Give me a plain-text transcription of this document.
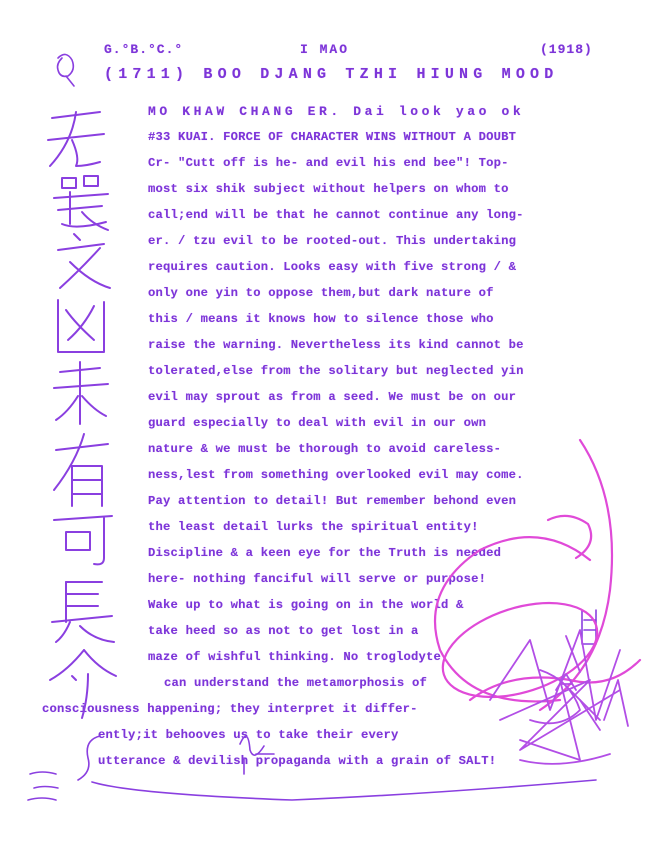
G.°B.°C.°	I MAO	(1918)
(1711) BOO DJANG TZHI HIUNG MOOD
MO KHAW CHANG ER. Dai look yao ok
#33 KUAI. FORCE OF CHARACTER WINS WITHOUT A DOUBT
Cr- "Cutt off is he- and evil his end bee"! Top-
most six shik subject without helpers on whom to
call;end will be that he cannot continue any long-
er. / tzu evil to be rooted-out. This undertaking
requires caution. Looks easy with five strong / &
only one yin to oppose them,but dark nature of
this / means it knows how to silence those who
raise the warning. Nevertheless its kind cannot be
tolerated,else from the solitary but neglected yin
evil may sprout as from a seed. We must be on our
guard especially to deal with evil in our own
nature & we must be thorough to avoid careless-
ness,lest from something overlooked evil may come.
Pay attention to detail! But remember behond even
the least detail lurks the spiritual entity!
Discipline & a keen eye for the Truth is needed
here- nothing fanciful will serve or purpose!
Wake up to what is going on in the world &
take heed so as not to get lost in a
maze of wishful thinking. No troglodyte
can understand the metamorphosis of
consciousness happening; they interpret it differ-
ently;it behooves us to take their every
utterance & devilish propaganda with a grain of SALT!
